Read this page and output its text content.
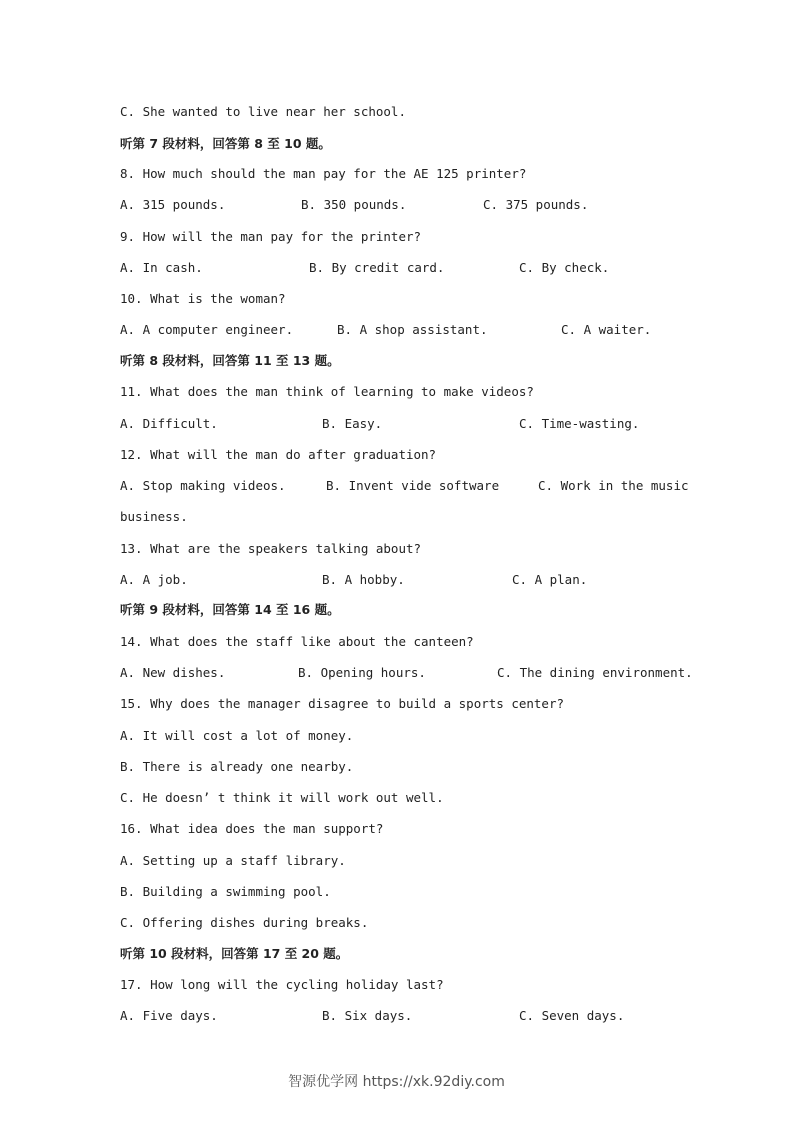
C. She wanted to live near her school.
听第 7 段材料，回答第 8 至 10 题。
8. How much should the man pay for the AE 125 printer?
A. 315 pounds.	B. 350 pounds.	C. 375 pounds.
9. How will the man pay for the printer?
A. In cash.	B. By credit card.	C. By check.
10. What is the woman?
A. A computer engineer.	B. A shop assistant.	C. A waiter.
听第 8 段材料，回答第 11 至 13 题。
11. What does the man think of learning to make videos?
A. Difficult.	B. Easy.	C. Time-wasting.
12. What will the man do after graduation?
A. Stop making videos.	B. Invent vide software	C. Work in the music
business.
13. What are the speakers talking about?
A. A job.	B. A hobby.	C. A plan.
听第 9 段材料，回答第 14 至 16 题。
14. What does the staff like about the canteen?
A. New dishes.	B. Opening hours.	C. The dining environment.
15. Why does the manager disagree to build a sports center?
A. It will cost a lot of money.
B. There is already one nearby.
C. He doesn’ t think it will work out well.
16. What idea does the man support?
A. Setting up a staff library.
B. Building a swimming pool.
C. Offering dishes during breaks.
听第 10 段材料，回答第 17 至 20 题。
17. How long will the cycling holiday last?
A. Five days.	B. Six days.	C. Seven days.
智源优学网 https://xk.92diy.com
